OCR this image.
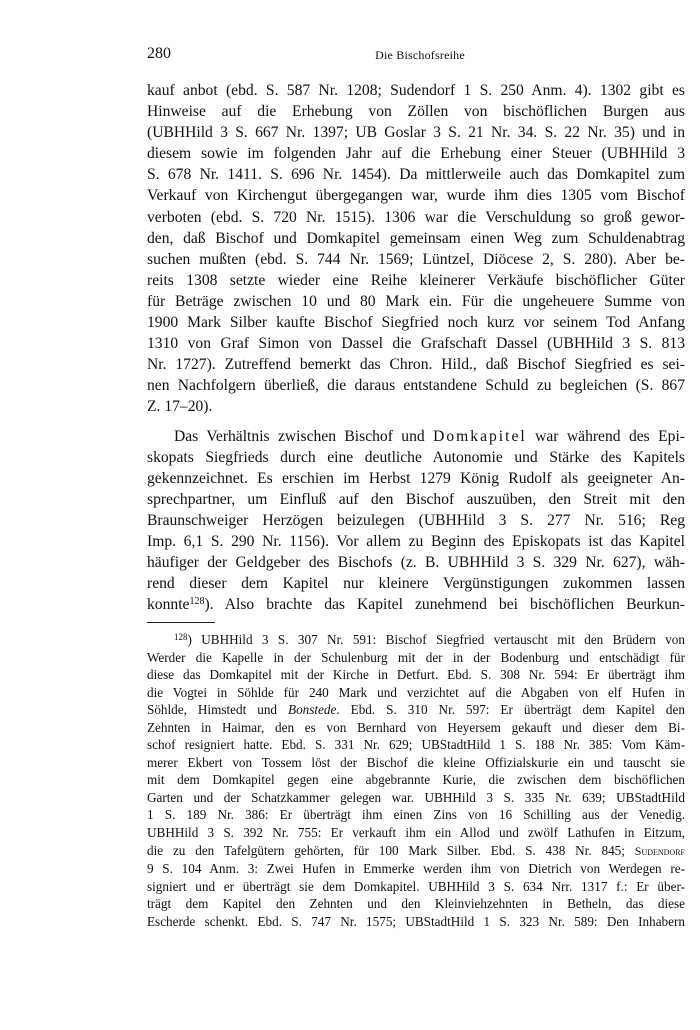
280	Die Bischofsreihe
kauf anbot (ebd. S. 587 Nr. 1208; Sudendorf 1 S. 250 Anm. 4). 1302 gibt es
Hinweise auf die Erhebung von Zöllen von bischöflichen Burgen aus
(UBHHild 3 S. 667 Nr. 1397; UB Goslar 3 S. 21 Nr. 34. S. 22 Nr. 35) und in
diesem sowie im folgenden Jahr auf die Erhebung einer Steuer (UBHHild 3
S. 678 Nr. 1411. S. 696 Nr. 1454). Da mittlerweile auch das Domkapitel zum
Verkauf von Kirchengut übergegangen war, wurde ihm dies 1305 vom Bischof
verboten (ebd. S. 720 Nr. 1515). 1306 war die Verschuldung so groß gewor-
den, daß Bischof und Domkapitel gemeinsam einen Weg zum Schuldenabtrag
suchen mußten (ebd. S. 744 Nr. 1569; Lüntzel, Diöcese 2, S. 280). Aber be-
reits 1308 setzte wieder eine Reihe kleinerer Verkäufe bischöflicher Güter
für Beträge zwischen 10 und 80 Mark ein. Für die ungeheuere Summe von
1900 Mark Silber kaufte Bischof Siegfried noch kurz vor seinem Tod Anfang
1310 von Graf Simon von Dassel die Grafschaft Dassel (UBHHild 3 S. 813
Nr. 1727). Zutreffend bemerkt das Chron. Hild., daß Bischof Siegfried es sei-
nen Nachfolgern überließ, die daraus entstandene Schuld zu begleichen (S. 867
Z. 17–20).
Das Verhältnis zwischen Bischof und Domkapitel war während des Epi-
skopats Siegfrieds durch eine deutliche Autonomie und Stärke des Kapitels
gekennzeichnet. Es erschien im Herbst 1279 König Rudolf als geeigneter An-
sprechpartner, um Einfluß auf den Bischof auszuüben, den Streit mit den
Braunschweiger Herzögen beizulegen (UBHHild 3 S. 277 Nr. 516; Reg
Imp. 6,1 S. 290 Nr. 1156). Vor allem zu Beginn des Episkopats ist das Kapitel
häufiger der Geldgeber des Bischofs (z. B. UBHHild 3 S. 329 Nr. 627), wäh-
rend dieser dem Kapitel nur kleinere Vergünstigungen zukommen lassen
konnte$^{128}$). Also brachte das Kapitel zunehmend bei bischöflichen Beurkun-
$^{128}$) UBHHild 3 S. 307 Nr. 591: Bischof Siegfried vertauscht mit den Brüdern von
Werder die Kapelle in der Schulenburg mit der in der Bodenburg und entschädigt für
diese das Domkapitel mit der Kirche in Detfurt. Ebd. S. 308 Nr. 594: Er überträgt ihm
die Vogtei in Söhlde für 240 Mark und verzichtet auf die Abgaben von elf Hufen in
Söhlde, Himstedt und Bonstede. Ebd. S. 310 Nr. 597: Er überträgt dem Kapitel den
Zehnten in Haimar, den es von Bernhard von Heyersem gekauft und dieser dem Bi-
schof resigniert hatte. Ebd. S. 331 Nr. 629; UBStadtHild 1 S. 188 Nr. 385: Vom Käm-
merer Ekbert von Tossem löst der Bischof die kleine Offizialskurie ein und tauscht sie
mit dem Domkapitel gegen eine abgebrannte Kurie, die zwischen dem bischöflichen
Garten und der Schatzkammer gelegen war. UBHHild 3 S. 335 Nr. 639; UBStadtHild
1 S. 189 Nr. 386: Er überträgt ihm einen Zins von 16 Schilling aus der Venedig.
UBHHild 3 S. 392 Nr. 755: Er verkauft ihm ein Allod und zwölf Lathufen in Eitzum,
die zu den Tafelgütern gehörten, für 100 Mark Silber. Ebd. S. 438 Nr. 845; Sudendorf
9 S. 104 Anm. 3: Zwei Hufen in Emmerke werden ihm von Dietrich von Werdegen re-
signiert und er überträgt sie dem Domkapitel. UBHHild 3 S. 634 Nrr. 1317 f.: Er über-
trägt dem Kapitel den Zehnten und den Kleinviehzehnten in Betheln, das diese
Escherde schenkt. Ebd. S. 747 Nr. 1575; UBStadtHild 1 S. 323 Nr. 589: Den Inhabern
